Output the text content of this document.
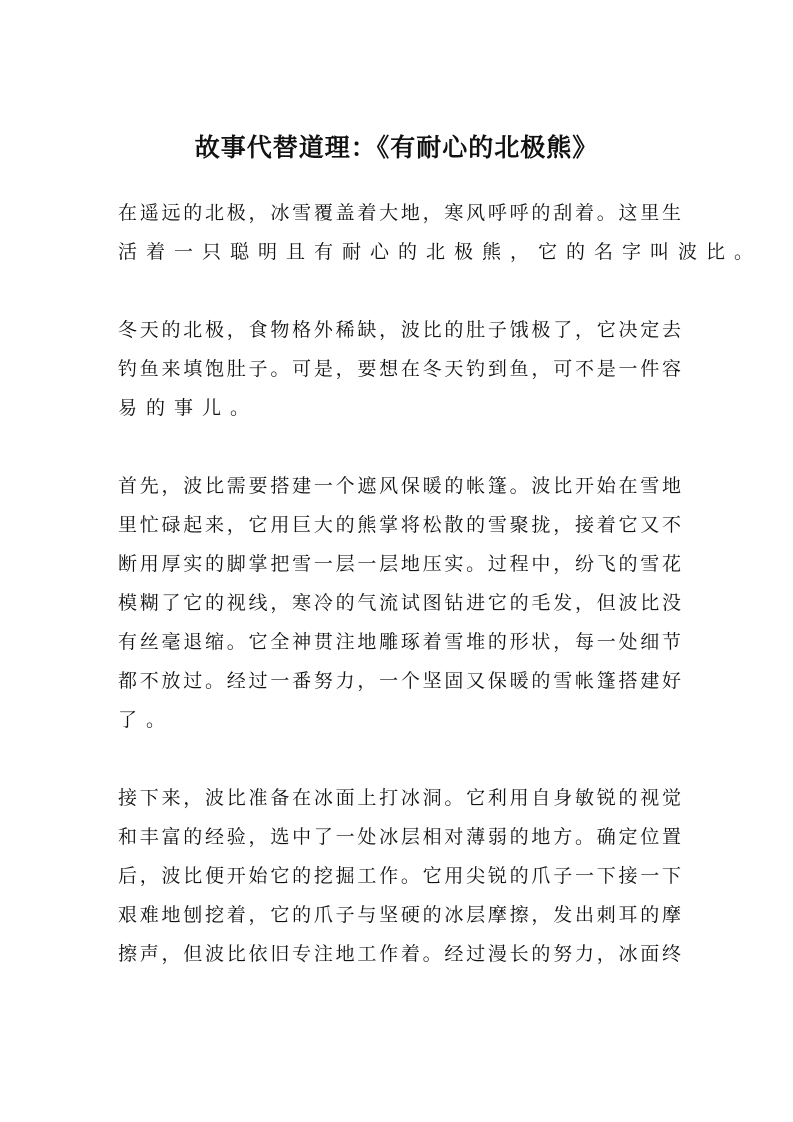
故事代替道理：《有耐心的北极熊》
在遥远的北极，冰雪覆盖着大地，寒风呼呼的刮着。这里生
活着一只聪明且有耐心的北极熊，它的名字叫波比。
冬天的北极，食物格外稀缺，波比的肚子饿极了，它决定去
钓鱼来填饱肚子。可是，要想在冬天钓到鱼，可不是一件容
易的事儿。
首先，波比需要搭建一个遮风保暖的帐篷。波比开始在雪地
里忙碌起来，它用巨大的熊掌将松散的雪聚拢，接着它又不
断用厚实的脚掌把雪一层一层地压实。过程中，纷飞的雪花
模糊了它的视线，寒冷的气流试图钻进它的毛发，但波比没
有丝毫退缩。它全神贯注地雕琢着雪堆的形状，每一处细节
都不放过。经过一番努力，一个坚固又保暖的雪帐篷搭建好
了。
接下来，波比准备在冰面上打冰洞。它利用自身敏锐的视觉
和丰富的经验，选中了一处冰层相对薄弱的地方。确定位置
后，波比便开始它的挖掘工作。它用尖锐的爪子一下接一下
艰难地刨挖着，它的爪子与坚硬的冰层摩擦，发出刺耳的摩
擦声，但波比依旧专注地工作着。经过漫长的努力，冰面终
